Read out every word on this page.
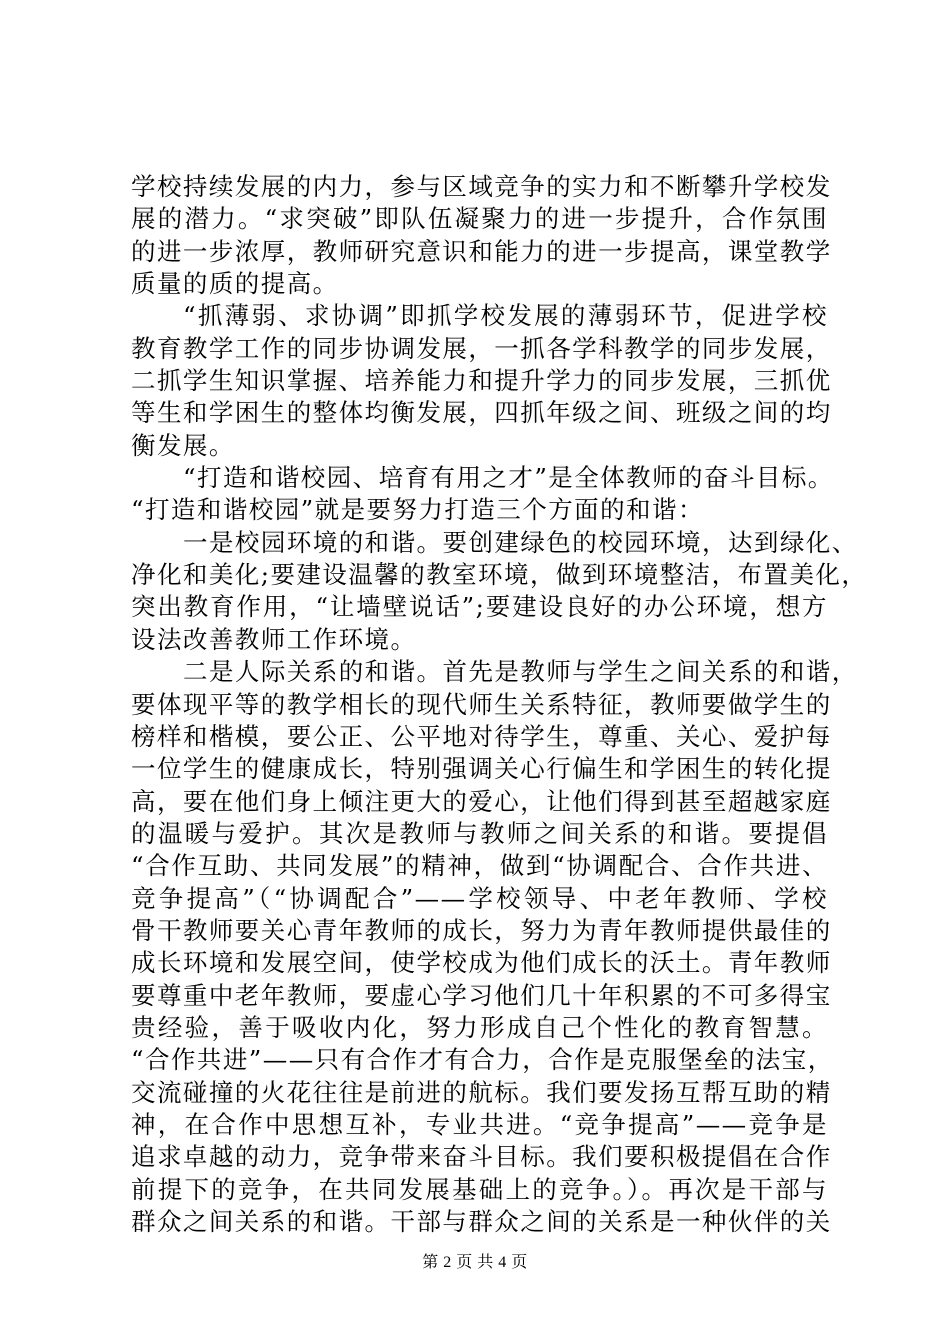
学校持续发展的内力，参与区域竞争的实力和不断攀升学校发
展的潜力。“求突破”即队伍凝聚力的进一步提升，合作氛围
的进一步浓厚，教师研究意识和能力的进一步提高，课堂教学
质量的质的提高。
“抓薄弱、求协调”即抓学校发展的薄弱环节，促进学校
教育教学工作的同步协调发展，一抓各学科教学的同步发展，
二抓学生知识掌握、培养能力和提升学力的同步发展，三抓优
等生和学困生的整体均衡发展，四抓年级之间、班级之间的均
衡发展。
“打造和谐校园、培育有用之才”是全体教师的奋斗目标。
“打造和谐校园”就是要努力打造三个方面的和谐：
一是校园环境的和谐。要创建绿色的校园环境，达到绿化、
净化和美化;要建设温馨的教室环境，做到环境整洁，布置美化，
突出教育作用，“让墙壁说话”;要建设良好的办公环境，想方
设法改善教师工作环境。
二是人际关系的和谐。首先是教师与学生之间关系的和谐，
要体现平等的教学相长的现代师生关系特征，教师要做学生的
榜样和楷模，要公正、公平地对待学生，尊重、关心、爱护每
一位学生的健康成长，特别强调关心行偏生和学困生的转化提
高，要在他们身上倾注更大的爱心，让他们得到甚至超越家庭
的温暖与爱护。其次是教师与教师之间关系的和谐。要提倡
“合作互助、共同发展”的精神，做到“协调配合、合作共进、
竞争提高”（“协调配合”——学校领导、中老年教师、学校
骨干教师要关心青年教师的成长，努力为青年教师提供最佳的
成长环境和发展空间，使学校成为他们成长的沃土。青年教师
要尊重中老年教师，要虚心学习他们几十年积累的不可多得宝
贵经验，善于吸收内化，努力形成自己个性化的教育智慧。
“合作共进”——只有合作才有合力，合作是克服堡垒的法宝，
交流碰撞的火花往往是前进的航标。我们要发扬互帮互助的精
神，在合作中思想互补，专业共进。“竞争提高”——竞争是
追求卓越的动力，竞争带来奋斗目标。我们要积极提倡在合作
前提下的竞争，在共同发展基础上的竞争。）。再次是干部与
群众之间关系的和谐。干部与群众之间的关系是一种伙伴的关
第 2 页 共 4 页
